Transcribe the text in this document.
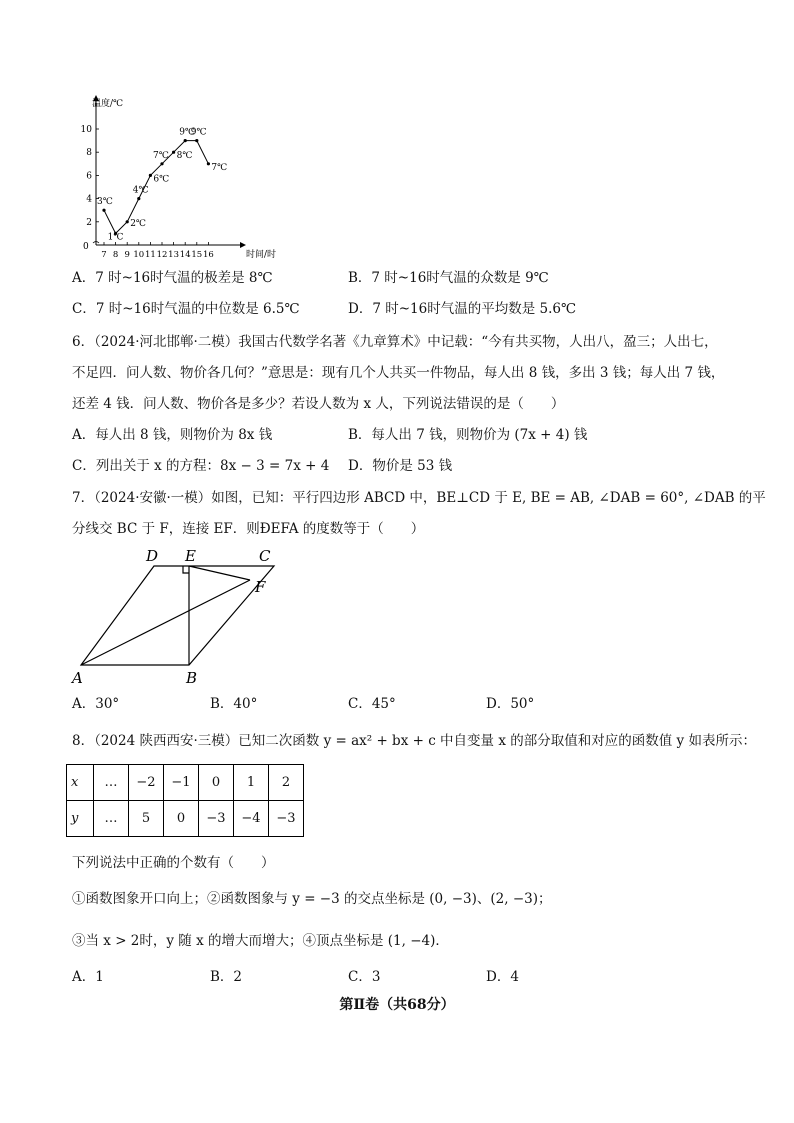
温度/℃
时间/时
0
2
4
6
8
10
7 8 9 10 11 12 13 14 15 16
3℃
1℃
2℃
4℃
6℃
7℃ 8℃
9℃
9℃
7℃
A．7 时~16时气温的极差是 8℃	B．7 时~16时气温的众数是 9℃
C．7 时~16时气温的中位数是 6.5℃	D．7 时~16时气温的平均数是 5.6℃
6．（2024·河北邯郸·二模）我国古代数学名著《九章算术》中记载：“今有共买物，人出八，盈三；人出七，
不足四．问人数、物价各几何？”意思是：现有几个人共买一件物品，每人出 8 钱，多出 3 钱；每人出 7 钱，
还差 4 钱．问人数、物价各是多少？若设人数为 x 人，下列说法错误的是（　　）
A．每人出 8 钱，则物价为 8x 钱	B．每人出 7 钱，则物价为 (7x + 4) 钱
C．列出关于 x 的方程：8x − 3 = 7x + 4 D．物价是 53 钱
7．（2024·安徽·一模）如图，已知：平行四边形 ABCD 中，BE⊥CD 于 E, BE = AB, ∠DAB = 60°, ∠DAB 的平
分线交 BC 于 F，连接 EF．则ÐEFA 的度数等于（　　）
D E	C
F
A	B
A．30°	B．40°	C．45°	D．50°
8．（2024 陕西西安·三模）已知二次函数 y = ax² + bx + c 中自变量 x 的部分取值和对应的函数值 y 如表所示：
x	…	−2	−1	0	1	2
y	…	5	0	−3	−4	−3
下列说法中正确的个数有（　　）
①函数图象开口向上；②函数图象与 y = −3 的交点坐标是 (0, −3)、(2, −3)；
③当 x > 2时，y 随 x 的增大而增大；④顶点坐标是 (1, −4)．
A．1	B．2	C．3	D．4
第Ⅱ卷（共68分）
